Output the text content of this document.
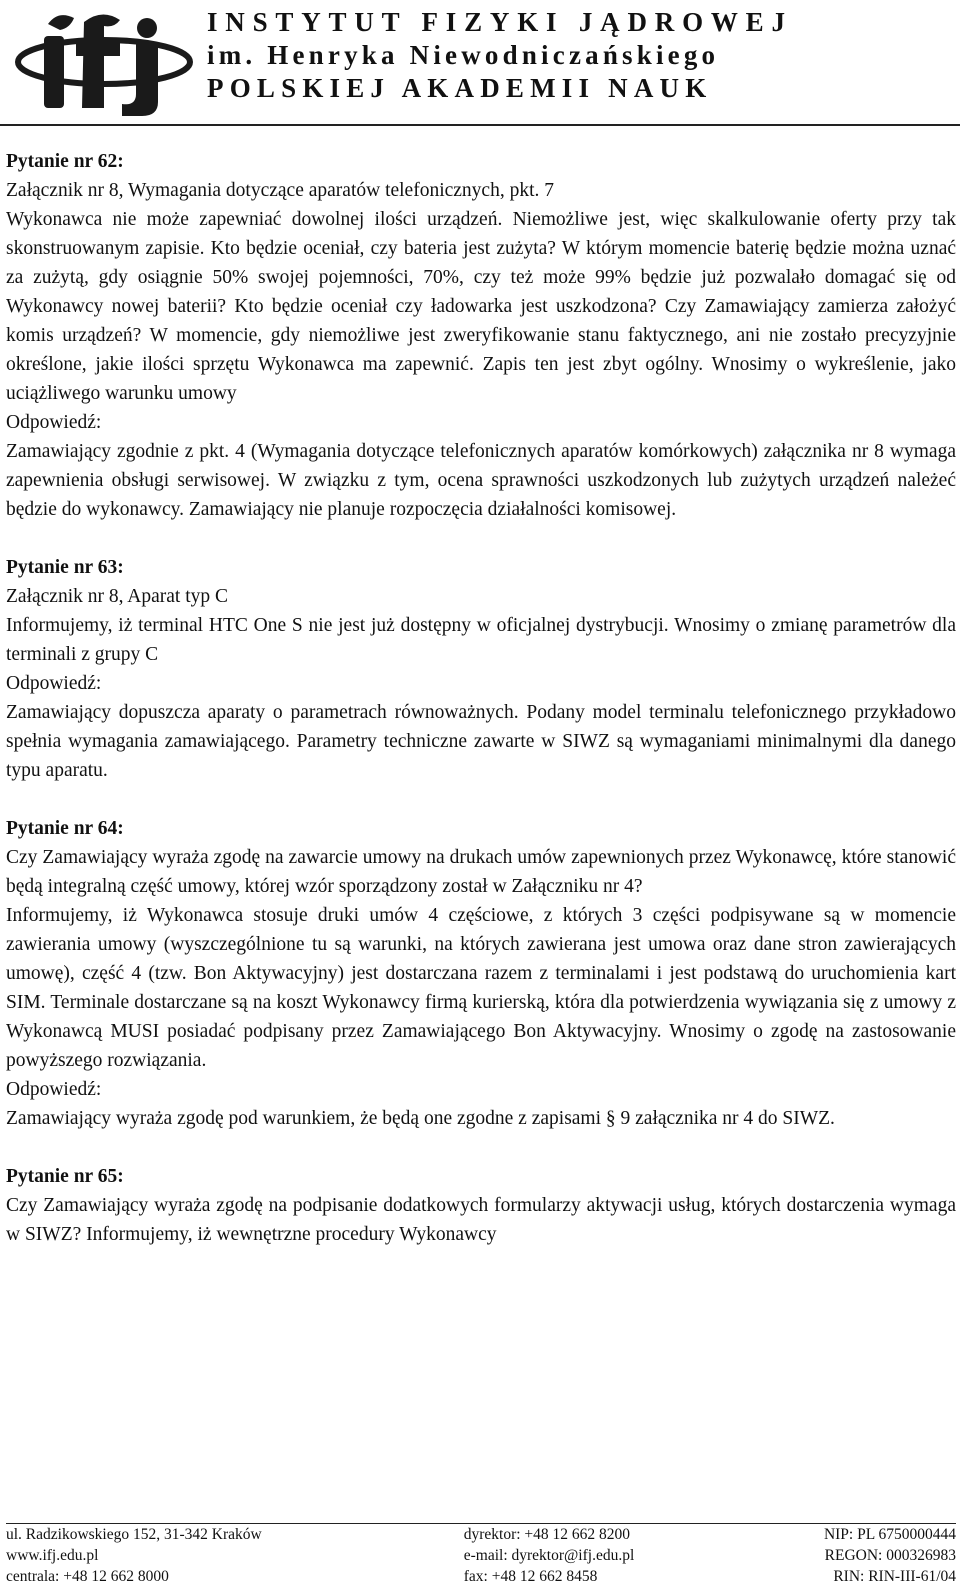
INSTYTUT FIZYKI JĄDROWEJ
im. Henryka Niewodniczańskiego
POLSKIEJ AKADEMII NAUK

Pytanie nr 62:

Załącznik nr 8, Wymagania dotyczące aparatów telefonicznych, pkt. 7

Wykonawca nie może zapewniać dowolnej ilości urządzeń. Niemożliwe jest, więc skalkulowanie oferty przy tak skonstruowanym zapisie. Kto będzie oceniał, czy bateria jest zużyta? W którym momencie baterię będzie można uznać za zużytą, gdy osiągnie 50% swojej pojemności, 70%, czy też może 99% będzie już pozwalało domagać się od Wykonawcy nowej baterii? Kto będzie oceniał czy ładowarka jest uszkodzona? Czy Zamawiający zamierza założyć komis urządzeń? W momencie, gdy niemożliwe jest zweryfikowanie stanu faktycznego, ani nie zostało precyzyjnie określone, jakie ilości sprzętu Wykonawca ma zapewnić. Zapis ten jest zbyt ogólny. Wnosimy o wykreślenie, jako uciążliwego warunku umowy

Odpowiedź:

Zamawiający zgodnie z pkt. 4 (Wymagania dotyczące telefonicznych aparatów komórkowych) załącznika nr 8 wymaga zapewnienia obsługi serwisowej. W związku z tym, ocena sprawności uszkodzonych lub zużytych urządzeń należeć będzie do wykonawcy. Zamawiający nie planuje rozpoczęcia działalności komisowej.

Pytanie nr 63:

Załącznik nr 8, Aparat typ C

Informujemy, iż terminal HTC One S nie jest już dostępny w oficjalnej dystrybucji. Wnosimy o zmianę parametrów dla terminali z grupy C

Odpowiedź:

Zamawiający dopuszcza aparaty o parametrach równoważnych. Podany model terminalu telefonicznego przykładowo spełnia wymagania zamawiającego. Parametry techniczne zawarte w SIWZ są wymaganiami minimalnymi dla danego typu aparatu.

Pytanie nr 64:

Czy Zamawiający wyraża zgodę na zawarcie umowy na drukach umów zapewnionych przez Wykonawcę, które stanowić będą integralną część umowy, której wzór sporządzony został w Załączniku nr 4?

Informujemy, iż Wykonawca stosuje druki umów 4 częściowe, z których 3 części podpisywane są w momencie zawierania umowy (wyszczególnione tu są warunki, na których zawierana jest umowa oraz dane stron zawierających umowę), część 4 (tzw. Bon Aktywacyjny) jest dostarczana razem z terminalami i jest podstawą do uruchomienia kart SIM. Terminale dostarczane są na koszt Wykonawcy firmą kurierską, która dla potwierdzenia wywiązania się z umowy z Wykonawcą MUSI posiadać podpisany przez Zamawiającego Bon Aktywacyjny. Wnosimy o zgodę na zastosowanie powyższego rozwiązania.

Odpowiedź:

Zamawiający wyraża zgodę pod warunkiem, że będą one zgodne z zapisami § 9 załącznika nr 4 do SIWZ.

Pytanie nr 65:

Czy Zamawiający wyraża zgodę na podpisanie dodatkowych formularzy aktywacji usług, których dostarczenia wymaga w SIWZ? Informujemy, iż wewnętrzne procedury Wykonawcy

ul. Radzikowskiego 152, 31-342 Kraków
www.ifj.edu.pl
centrala: +48 12 662 8000
dyrektor: +48 12 662 8200
e-mail: dyrektor@ifj.edu.pl
fax: +48 12 662 8458
NIP: PL 6750000444
REGON: 000326983
RIN: RIN-III-61/04
